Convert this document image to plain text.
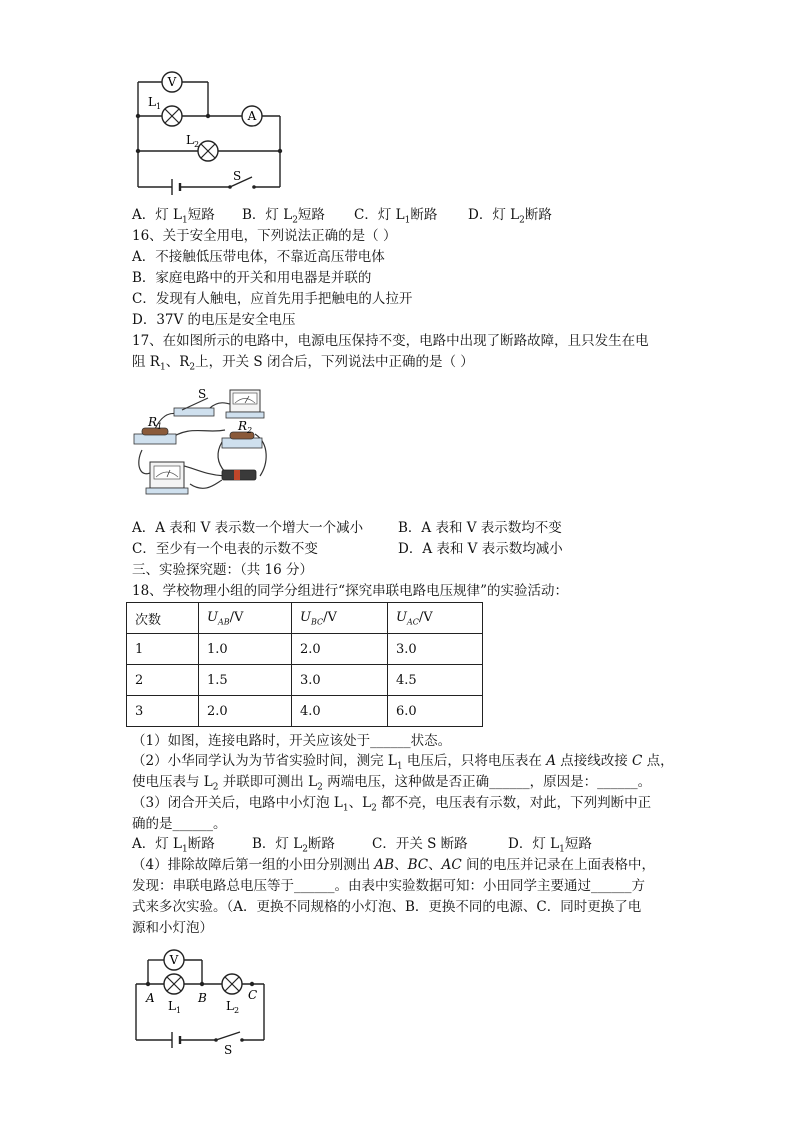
V
$L_1$
A
$L_2$
S
A．灯 $L_1$短路 B．灯 $L_2$短路 C．灯 $L_1$断路 D．灯 $L_2$断路
16、关于安全用电，下列说法正确的是（ ）
A．不接触低压带电体，不靠近高压带电体
B．家庭电路中的开关和用电器是并联的
C．发现有人触电，应首先用手把触电的人拉开
D．37V 的电压是安全电压
17、在如图所示的电路中，电源电压保持不变，电路中出现了断路故障，且只发生在电
阻 $R_1$、$R_2$上，开关 S 闭合后，下列说法中正确的是（ ）
S
$R_1$	$R_2$
A．A 表和 V 表示数一个增大一个减小	B．A 表和 V 表示数均不变
C．至少有一个电表的示数不变	D．A 表和 V 表示数均减小
三、实验探究题：（共 16 分）
18、学校物理小组的同学分组进行“探究串联电路电压规律”的实验活动：
次数	$U_{AB}/V$	$U_{BC}/V$	$U_{AC}/V$
1	1.0	2.0	3.0
2	1.5	3.0	4.5
3	2.0	4.0	6.0
（1）如图，连接电路时，开关应该处于______状态。
（2）小华同学认为为节省实验时间，测完 $L_1$ 电压后，只将电压表在 A 点接线改接 C 点，
使电压表与 $L_2$ 并联即可测出 $L_2$ 两端电压，这种做是否正确______，原因是：______。
（3）闭合开关后，电路中小灯泡 $L_1$、$L_2$ 都不亮，电压表有示数，对此，下列判断中正
确的是______。
A．灯 $L_1$断路	B．灯 $L_2$断路	C．开关 S 断路	D．灯 $L_1$短路
（4）排除故障后第一组的小田分别测出 AB、BC、AC 间的电压并记录在上面表格中，
发现：串联电路总电压等于______。由表中实验数据可知：小田同学主要通过______方
式来多次实验。（A．更换不同规格的小灯泡、B．更换不同的电源、C．同时更换了电
源和小灯泡）
V
A	B	C
$L_1$	$L_2$
S
